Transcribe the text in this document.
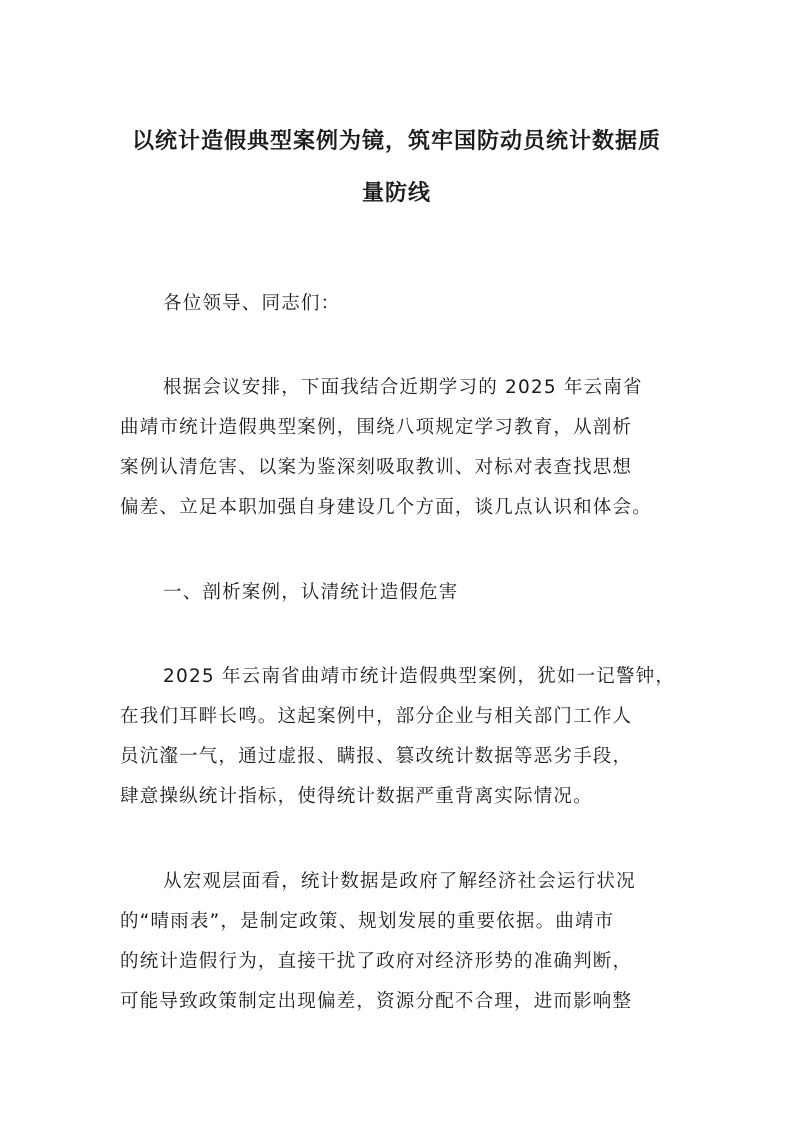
以统计造假典型案例为镜，筑牢国防动员统计数据质
量防线
各位领导、同志们：
根据会议安排，下面我结合近期学习的 2025 年云南省
曲靖市统计造假典型案例，围绕八项规定学习教育，从剖析
案例认清危害、以案为鉴深刻吸取教训、对标对表查找思想
偏差、立足本职加强自身建设几个方面，谈几点认识和体会。
一、剖析案例，认清统计造假危害
2025 年云南省曲靖市统计造假典型案例，犹如一记警钟，
在我们耳畔长鸣。这起案例中，部分企业与相关部门工作人
员沆瀣一气，通过虚报、瞒报、篡改统计数据等恶劣手段，
肆意操纵统计指标，使得统计数据严重背离实际情况。
从宏观层面看，统计数据是政府了解经济社会运行状况
的“晴雨表”，是制定政策、规划发展的重要依据。曲靖市
的统计造假行为，直接干扰了政府对经济形势的准确判断，
可能导致政策制定出现偏差，资源分配不合理，进而影响整
